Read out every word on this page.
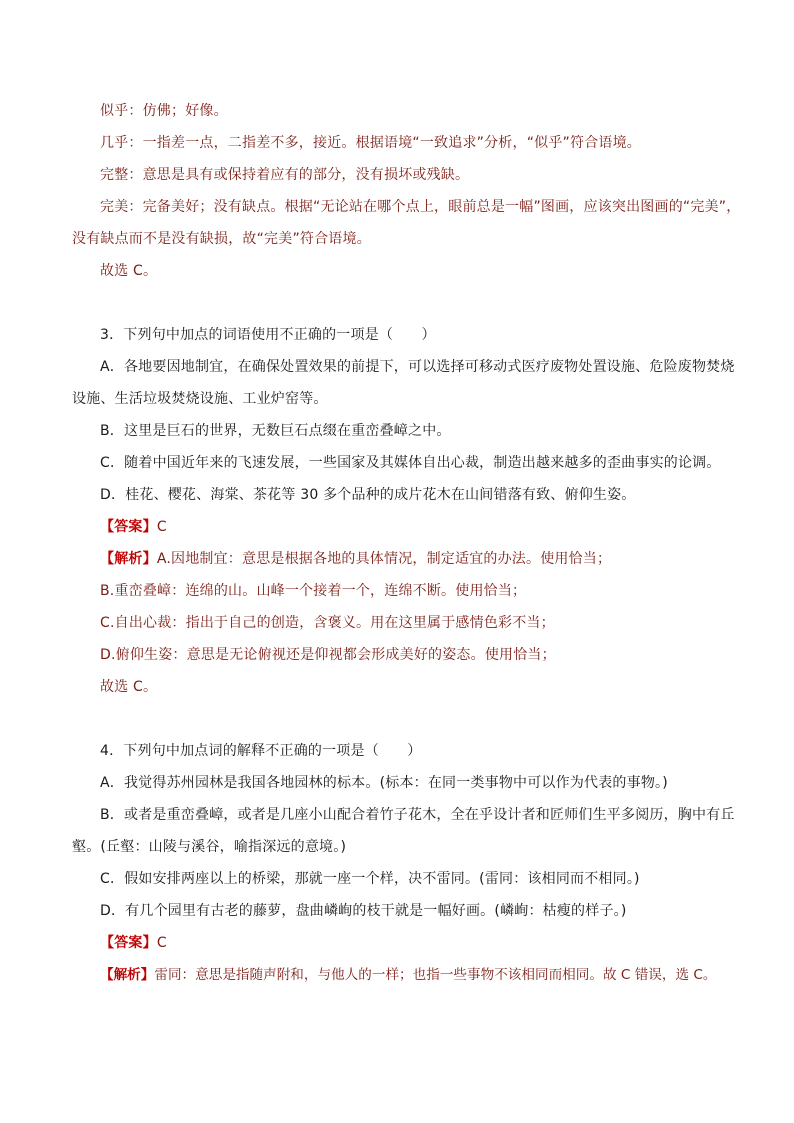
似乎：仿佛；好像。
几乎：一指差一点，二指差不多，接近。根据语境“一致追求”分析，“似乎”符合语境。
完整：意思是具有或保持着应有的部分，没有损坏或残缺。
完美：完备美好；没有缺点。根据“无论站在哪个点上，眼前总是一幅”图画，应该突出图画的“完美”，
没有缺点而不是没有缺损，故“完美”符合语境。
故选 C。
3．下列句中加点的词语使用不正确的一项是（　　）
A．各地要因地制宜，在确保处置效果的前提下，可以选择可移动式医疗废物处置设施、危险废物焚烧
设施、生活垃圾焚烧设施、工业炉窑等。
B．这里是巨石的世界，无数巨石点缀在重峦叠嶂之中。
C．随着中国近年来的飞速发展，一些国家及其媒体自出心裁，制造出越来越多的歪曲事实的论调。
D．桂花、樱花、海棠、茶花等 30 多个品种的成片花木在山间错落有致、俯仰生姿。
【答案】C
【解析】A.因地制宜：意思是根据各地的具体情况，制定适宜的办法。使用恰当；
B.重峦叠嶂：连绵的山。山峰一个接着一个，连绵不断。使用恰当；
C.自出心裁：指出于自己的创造，含褒义。用在这里属于感情色彩不当；
D.俯仰生姿：意思是无论俯视还是仰视都会形成美好的姿态。使用恰当；
故选 C。
4．下列句中加点词的解释不正确的一项是（　　）
A．我觉得苏州园林是我国各地园林的标本。(标本：在同一类事物中可以作为代表的事物。)
B．或者是重峦叠嶂，或者是几座小山配合着竹子花木，全在乎设计者和匠师们生平多阅历，胸中有丘
壑。(丘壑：山陵与溪谷，喻指深远的意境。)
C．假如安排两座以上的桥梁，那就一座一个样，决不雷同。(雷同：该相同而不相同。)
D．有几个园里有古老的藤萝，盘曲嶙峋的枝干就是一幅好画。(嶙峋：枯瘦的样子。)
【答案】C
【解析】雷同：意思是指随声附和，与他人的一样；也指一些事物不该相同而相同。故 C 错误，选 C。
